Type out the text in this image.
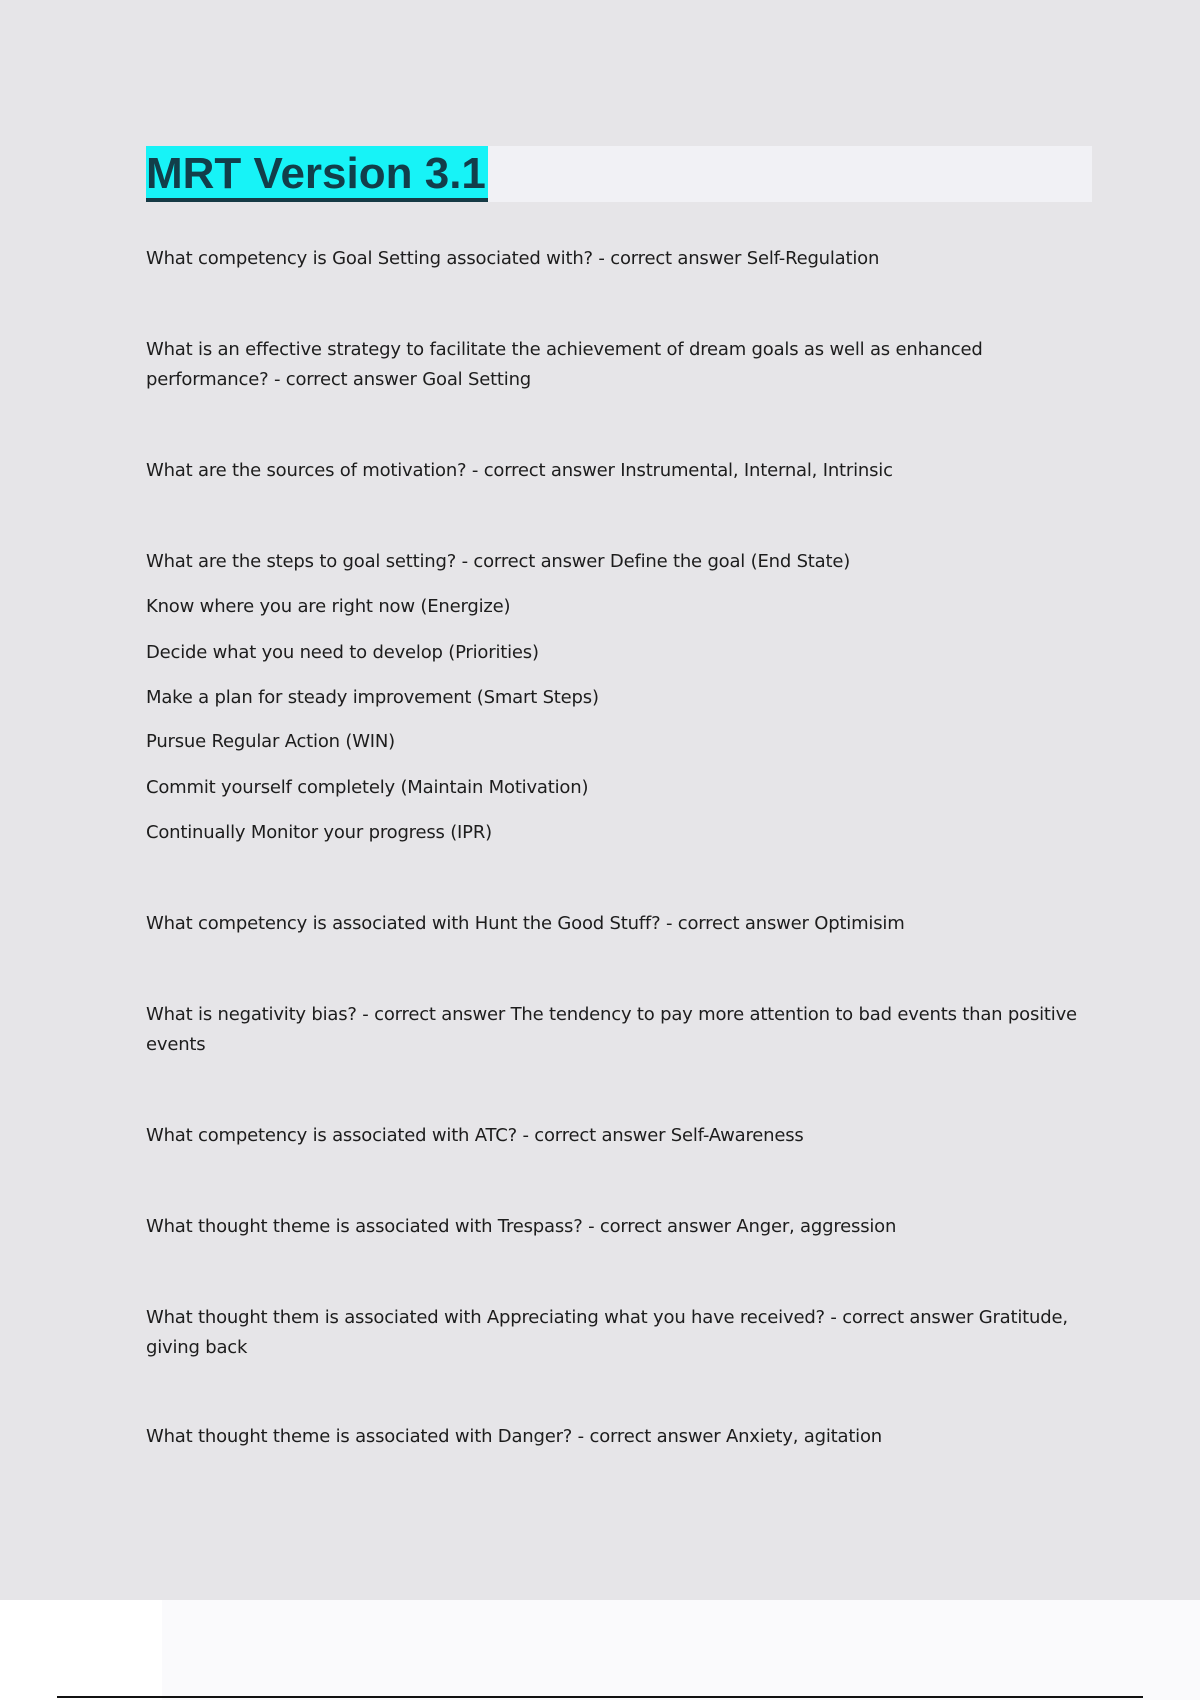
MRT Version 3.1

What competency is Goal Setting associated with? - correct answer Self-Regulation

What is an effective strategy to facilitate the achievement of dream goals as well as enhanced performance? - correct answer Goal Setting

What are the sources of motivation? - correct answer Instrumental, Internal, Intrinsic

What are the steps to goal setting? - correct answer Define the goal (End State)

Know where you are right now (Energize)

Decide what you need to develop (Priorities)

Make a plan for steady improvement (Smart Steps)

Pursue Regular Action (WIN)

Commit yourself completely (Maintain Motivation)

Continually Monitor your progress (IPR)

What competency is associated with Hunt the Good Stuff? - correct answer Optimisim

What is negativity bias? - correct answer The tendency to pay more attention to bad events than positive events

What competency is associated with ATC? - correct answer Self-Awareness

What thought theme is associated with Trespass? - correct answer Anger, aggression

What thought them is associated with Appreciating what you have received? - correct answer Gratitude, giving back

What thought theme is associated with Danger? - correct answer Anxiety, agitation
